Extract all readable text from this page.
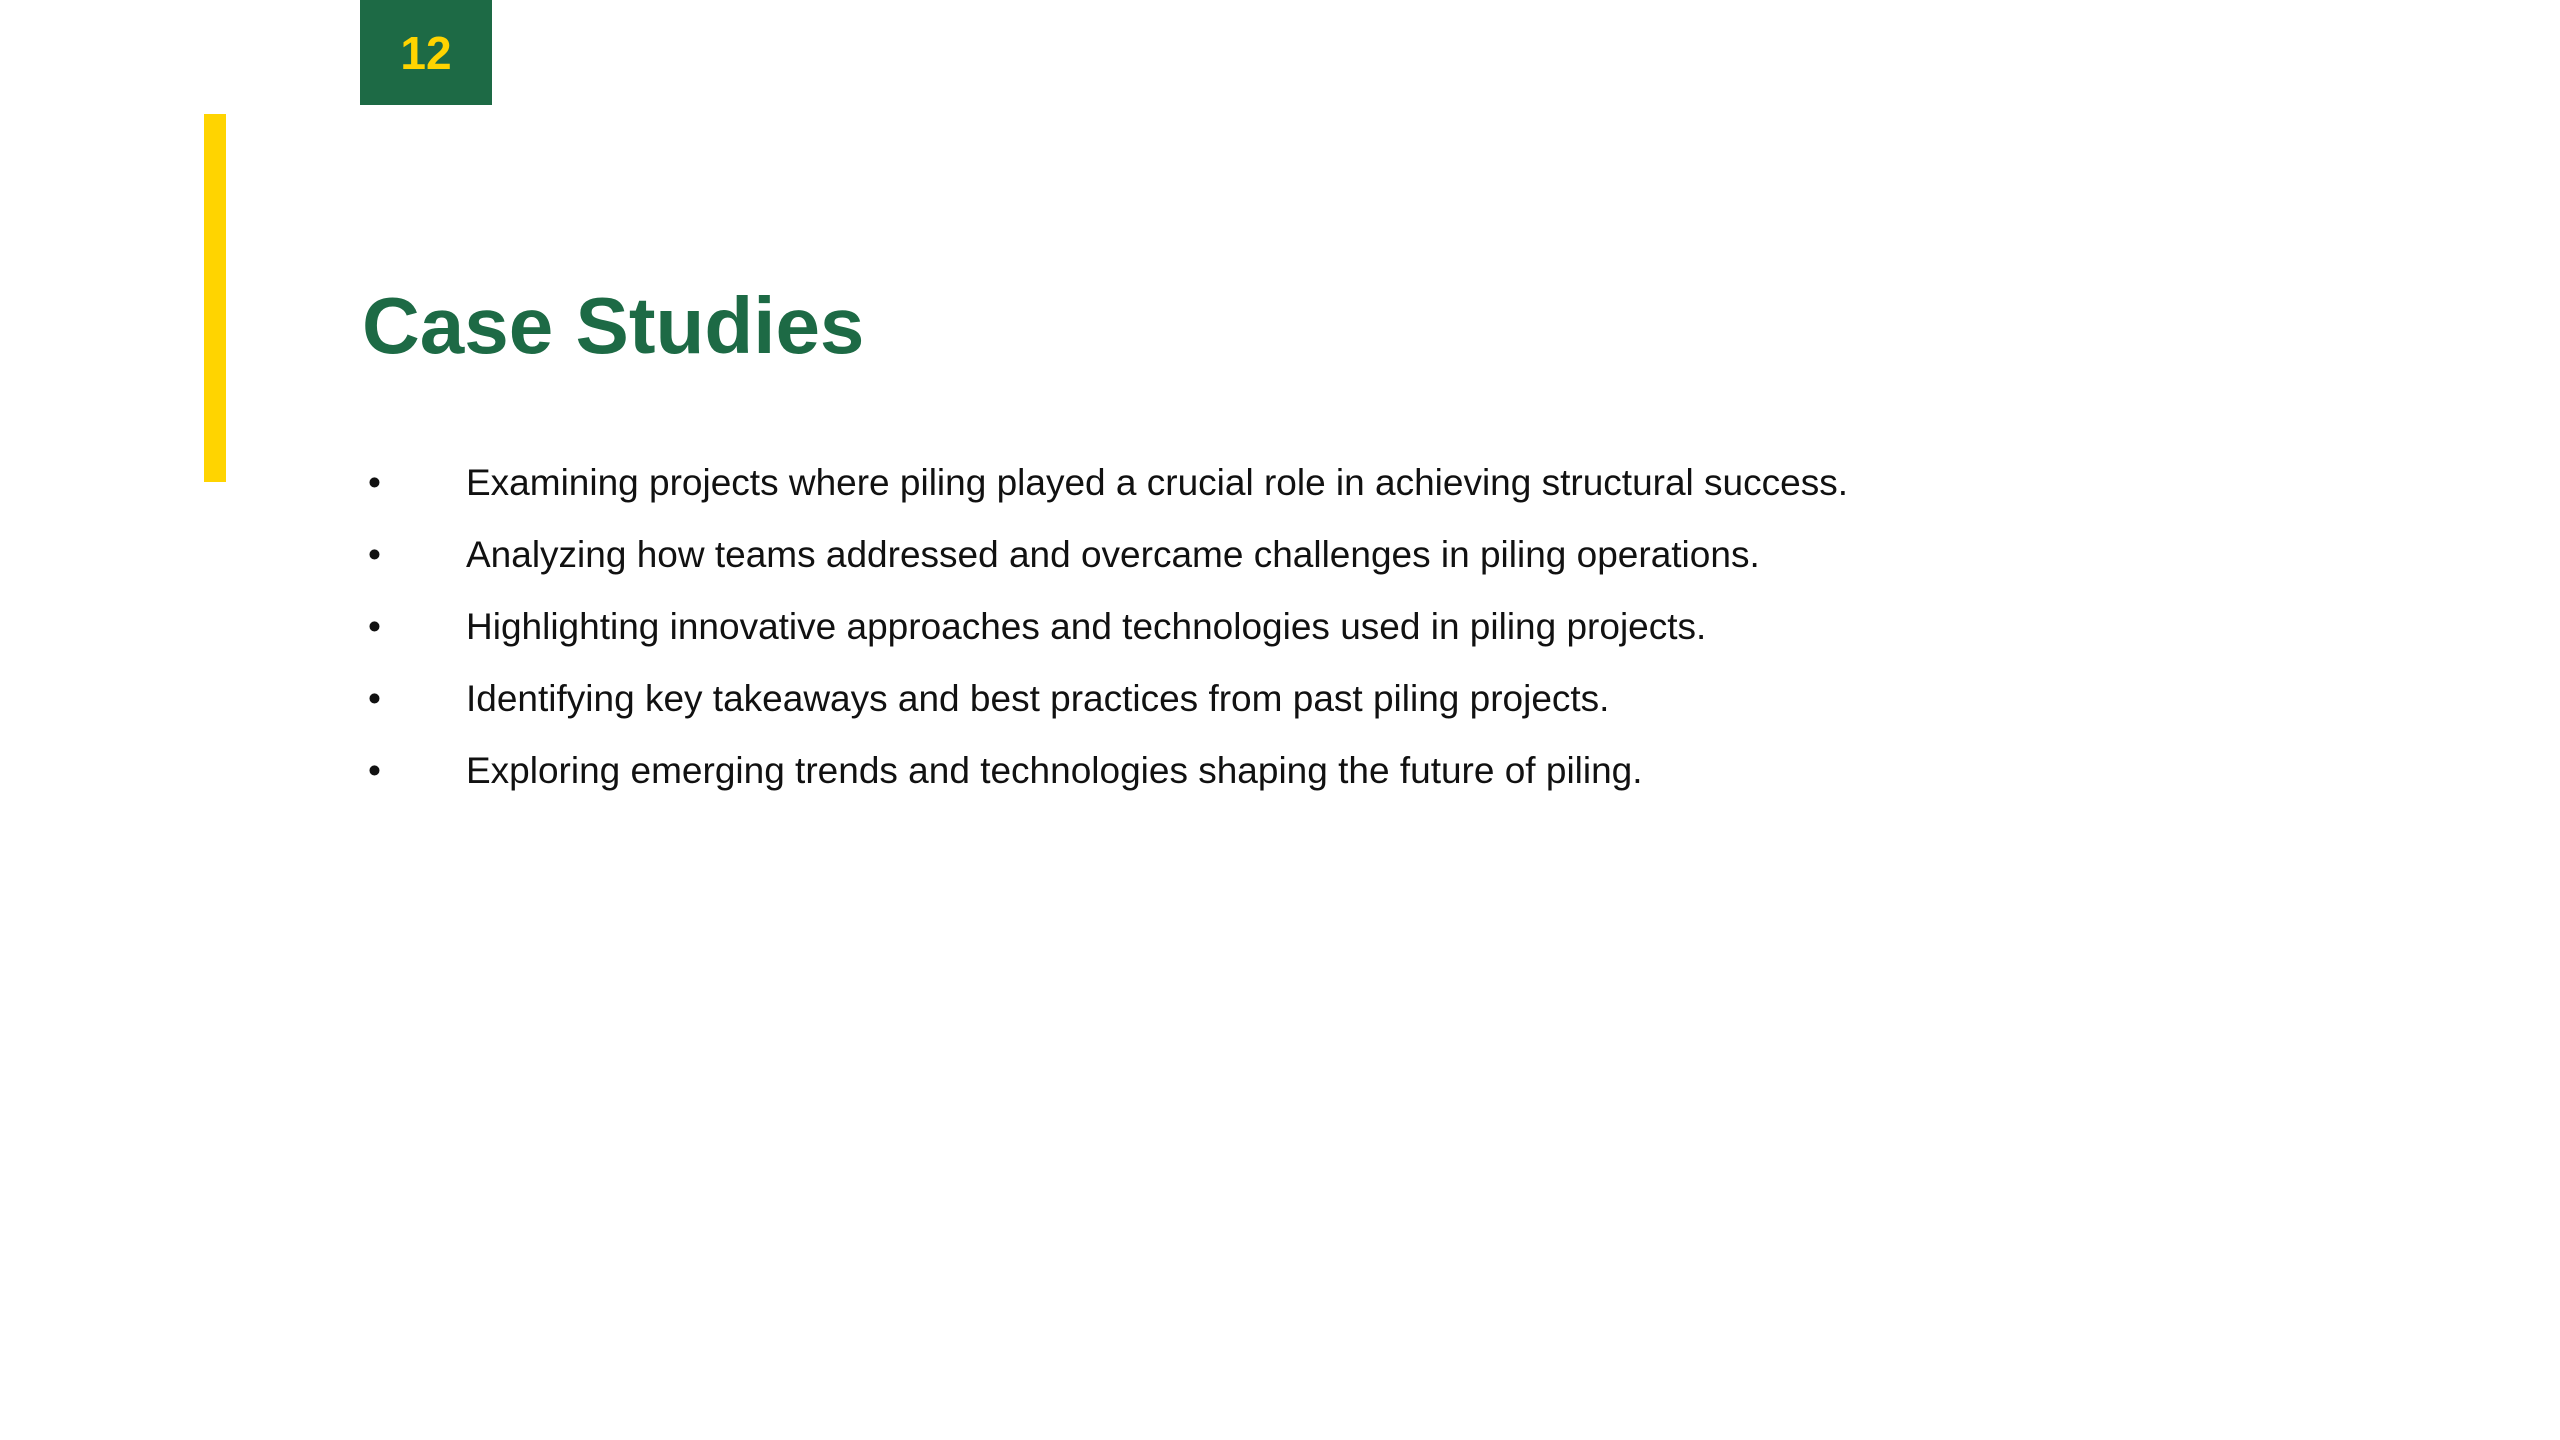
12
Case Studies
•	Examining projects where piling played a crucial role in achieving structural success.
•	Analyzing how teams addressed and overcame challenges in piling operations.
•	Highlighting innovative approaches and technologies used in piling projects.
•	Identifying key takeaways and best practices from past piling projects.
•	Exploring emerging trends and technologies shaping the future of piling.
